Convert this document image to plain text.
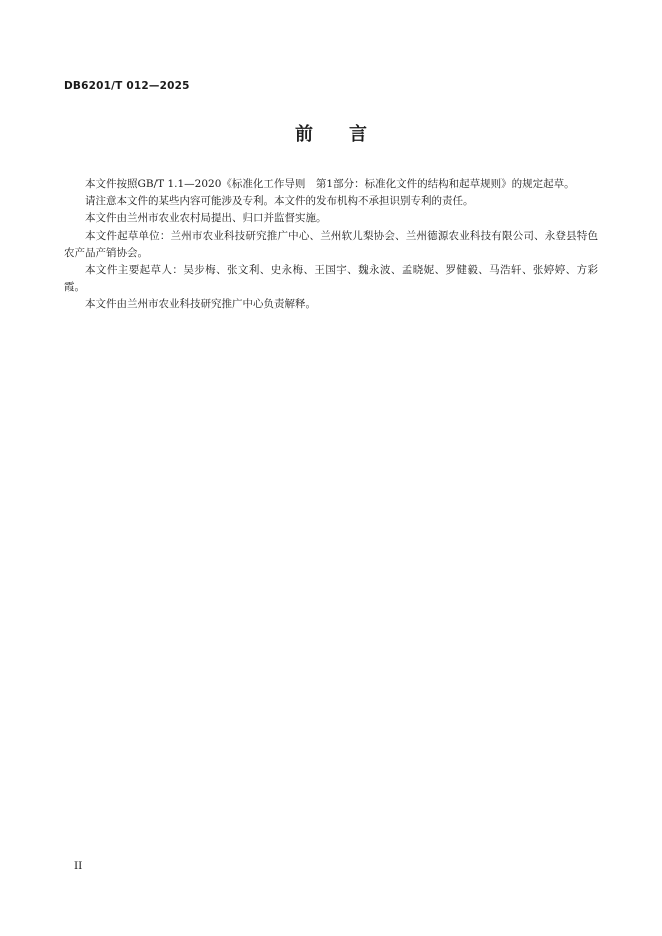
DB6201/T 012—2025
前言

本文件按照GB/T 1.1—2020《标准化工作导则　第1部分：标准化文件的结构和起草规则》的规定起草。

请注意本文件的某些内容可能涉及专利。本文件的发布机构不承担识别专利的责任。

本文件由兰州市农业农村局提出、归口并监督实施。

本文件起草单位：兰州市农业科技研究推广中心、兰州软儿梨协会、兰州德源农业科技有限公司、永登县特色农产品产销协会。

本文件主要起草人：吴步梅、张文利、史永梅、王国宇、魏永波、孟晓妮、罗健毅、马浩轩、张婷婷、方彩霞。

本文件由兰州市农业科技研究推广中心负责解释。

II
